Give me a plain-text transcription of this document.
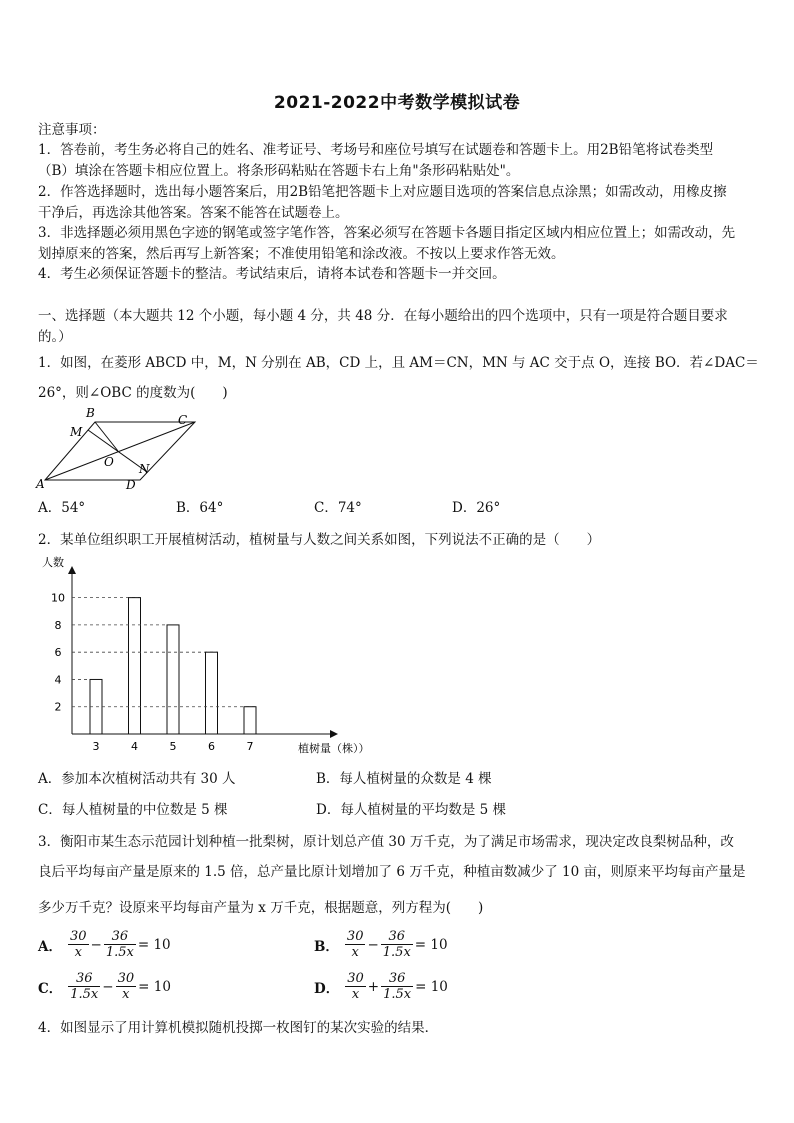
2021-2022中考数学模拟试卷
注意事项：
1．答卷前，考生务必将自己的姓名、准考证号、考场号和座位号填写在试题卷和答题卡上。用2B铅笔将试卷类型
（B）填涂在答题卡相应位置上。将条形码粘贴在答题卡右上角"条形码粘贴处"。
2．作答选择题时，选出每小题答案后，用2B铅笔把答题卡上对应题目选项的答案信息点涂黑；如需改动，用橡皮擦
干净后，再选涂其他答案。答案不能答在试题卷上。
3．非选择题必须用黑色字迹的钢笔或签字笔作答，答案必须写在答题卡各题目指定区域内相应位置上；如需改动，先
划掉原来的答案，然后再写上新答案；不准使用铅笔和涂改液。不按以上要求作答无效。
4．考生必须保证答题卡的整洁。考试结束后，请将本试卷和答题卡一并交回。
一、选择题（本大题共 12 个小题，每小题 4 分，共 48 分．在每小题给出的四个选项中，只有一项是符合题目要求
的。）
1．如图，在菱形 ABCD 中，M，N 分别在 AB，CD 上，且 AM＝CN，MN 与 AC 交于点 O，连接 BO．若∠DAC＝
26°，则∠OBC 的度数为(　　)
B	C
M
O N
A	D
A．54°	B．64°	C．74°	D．26°
2．某单位组织职工开展植树活动，植树量与人数之间关系如图，下列说法不正确的是（　　）
人数
植树量（株））
2
4
6
8
10
3	4	5	6	7
A．参加本次植树活动共有 30 人	B．每人植树量的众数是 4 棵
C．每人植树量的中位数是 5 棵	D．每人植树量的平均数是 5 棵
3．衡阳市某生态示范园计划种植一批梨树，原计划总产值 30 万千克，为了满足市场需求，现决定改良梨树品种，改
良后平均每亩产量是原来的 1.5 倍，总产量比原计划增加了 6 万千克，种植亩数减少了 10 亩，则原来平均每亩产量是
多少万千克？设原来平均每亩产量为 x 万千克，根据题意，列方程为(　　)
A． $\frac{30}{x} - \frac{36}{1.5x} = 10$	B． $\frac{30}{x} - \frac{36}{1.5x} = 10$
C． $\frac{36}{1.5x} - \frac{30}{x} = 10$	D． $\frac{30}{x} + \frac{36}{1.5x} = 10$
4．如图显示了用计算机模拟随机投掷一枚图钉的某次实验的结果．
